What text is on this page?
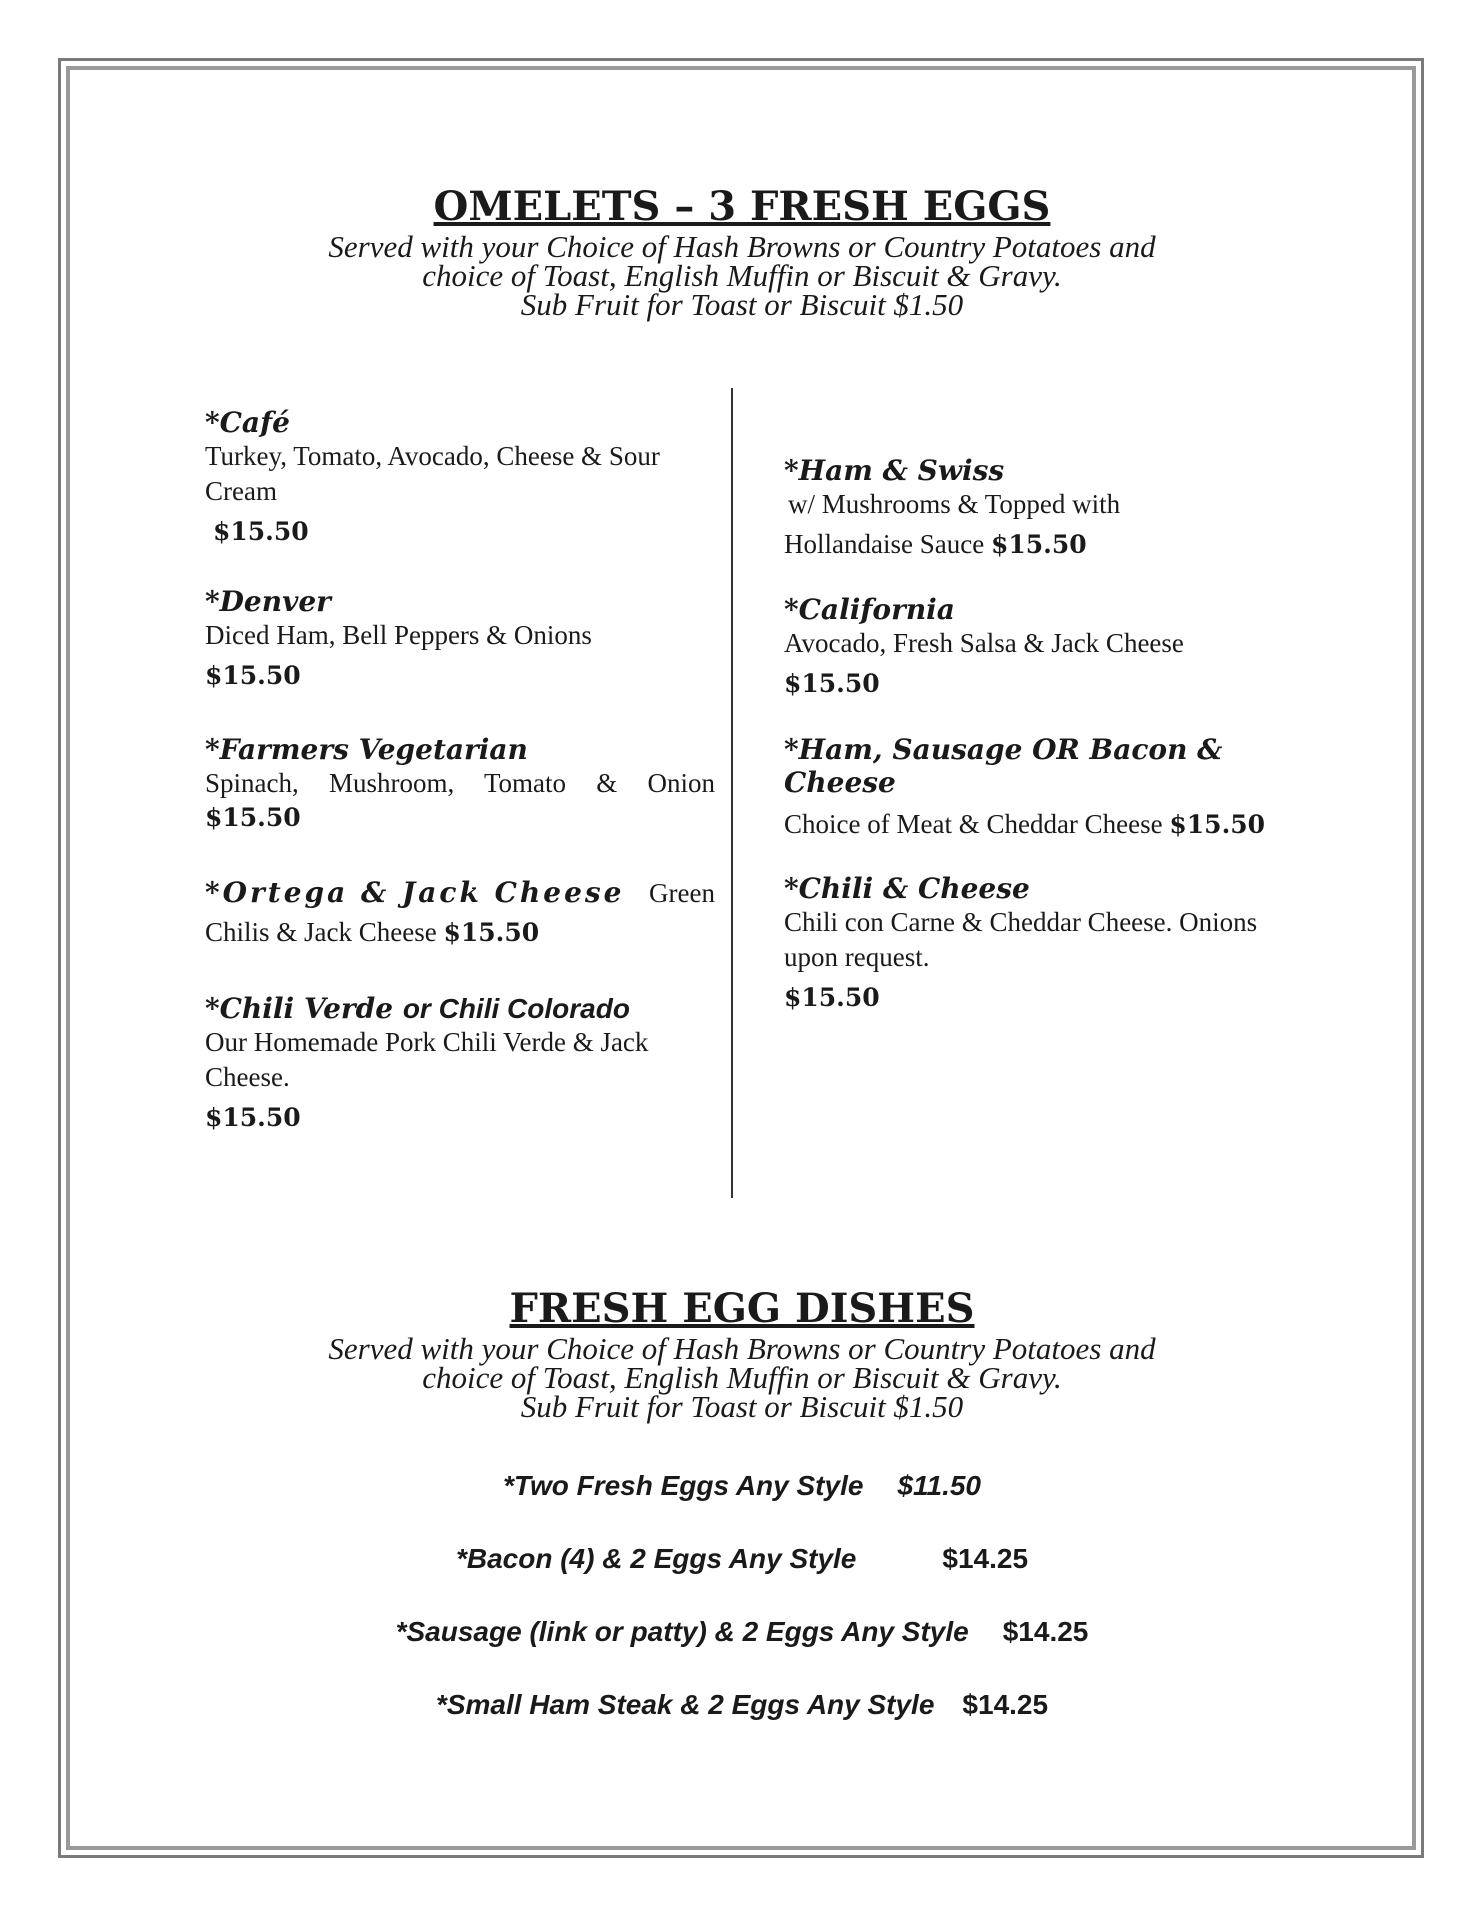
OMELETS – 3 FRESH EGGS
Served with your Choice of Hash Browns or Country Potatoes and
choice of Toast, English Muffin or Biscuit & Gravy.
Sub Fruit for Toast or Biscuit $1.50
*Café
Turkey, Tomato, Avocado, Cheese & Sour Cream
$15.50
*Denver
Diced Ham, Bell Peppers & Onions
$15.50
*Farmers Vegetarian
Spinach, Mushroom, Tomato & Onion
$15.50
*Ortega & Jack Cheese Green
Chilis & Jack Cheese $15.50
*Chili Verde or Chili Colorado
Our Homemade Pork Chili Verde & Jack Cheese.
$15.50
*Ham & Swiss
w/ Mushrooms & Topped with
Hollandaise Sauce $15.50
*California
Avocado, Fresh Salsa & Jack Cheese
$15.50
*Ham, Sausage OR Bacon &
Cheese
Choice of Meat & Cheddar Cheese $15.50
*Chili & Cheese
Chili con Carne & Cheddar Cheese. Onions upon request.
$15.50
FRESH EGG DISHES
Served with your Choice of Hash Browns or Country Potatoes and
choice of Toast, English Muffin or Biscuit & Gravy.
Sub Fruit for Toast or Biscuit $1.50
*Two Fresh Eggs Any Style $11.50
*Bacon (4) & 2 Eggs Any Style	$14.25
*Sausage (link or patty) & 2 Eggs Any Style $14.25
*Small Ham Steak & 2 Eggs Any Style $14.25
